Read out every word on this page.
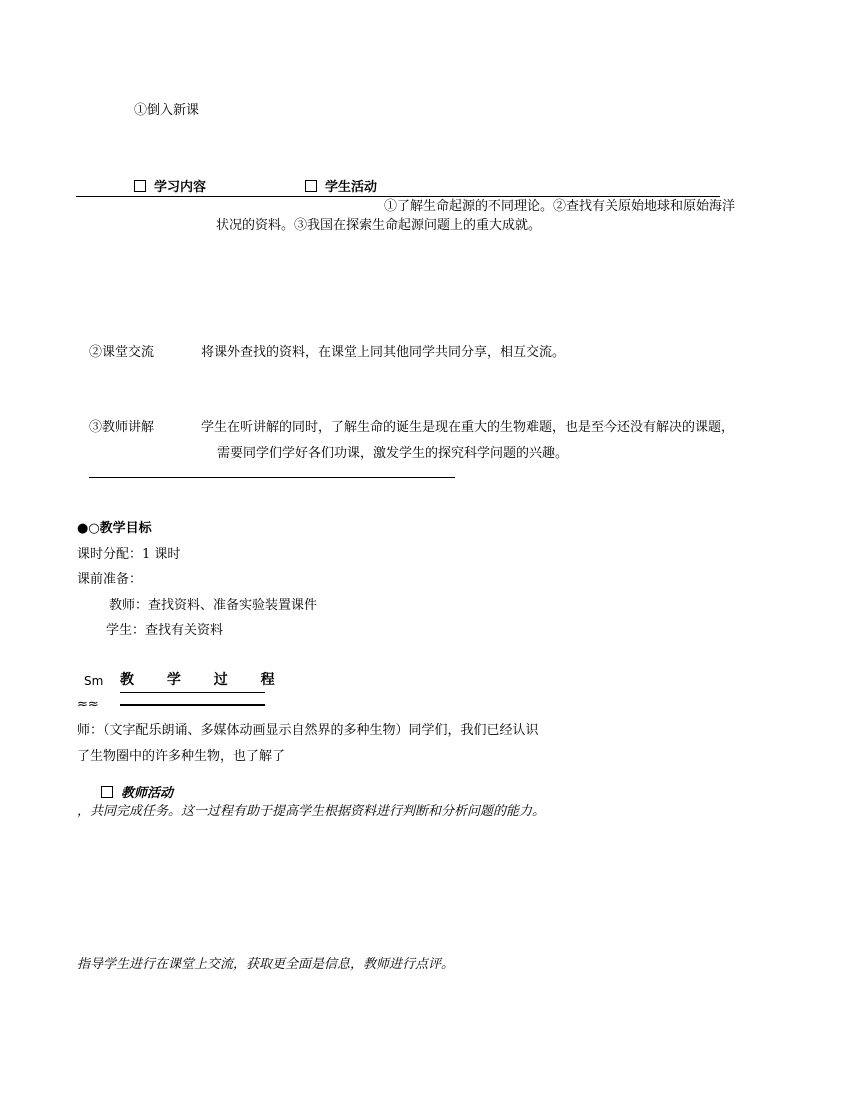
①倒入新课
学习内容	学生活动
①了解生命起源的不同理论。②查找有关原始地球和原始海洋
状况的资料。③我国在探索生命起源问题上的重大成就。
②课堂交流	将课外查找的资料，在课堂上同其他同学共同分享，相互交流。
③教师讲解	学生在听讲解的同时，了解生命的诞生是现在重大的生物难题，也是至今还没有解决的课题，
需要同学们学好各们功课，激发学生的探究科学问题的兴趣。
●○教学目标
课时分配：1 课时
课前准备：
教师：查找资料、准备实验装置课件
学生：查找有关资料
Sm 教 学 过 程
≈≈
师：（文字配乐朗诵、多媒体动画显示自然界的多种生物）同学们，我们已经认识
了生物圈中的许多种生物，也了解了
教师活动
，共同完成任务。这一过程有助于提高学生根据资料进行判断和分析问题的能力。
指导学生进行在课堂上交流，获取更全面是信息，教师进行点评。
